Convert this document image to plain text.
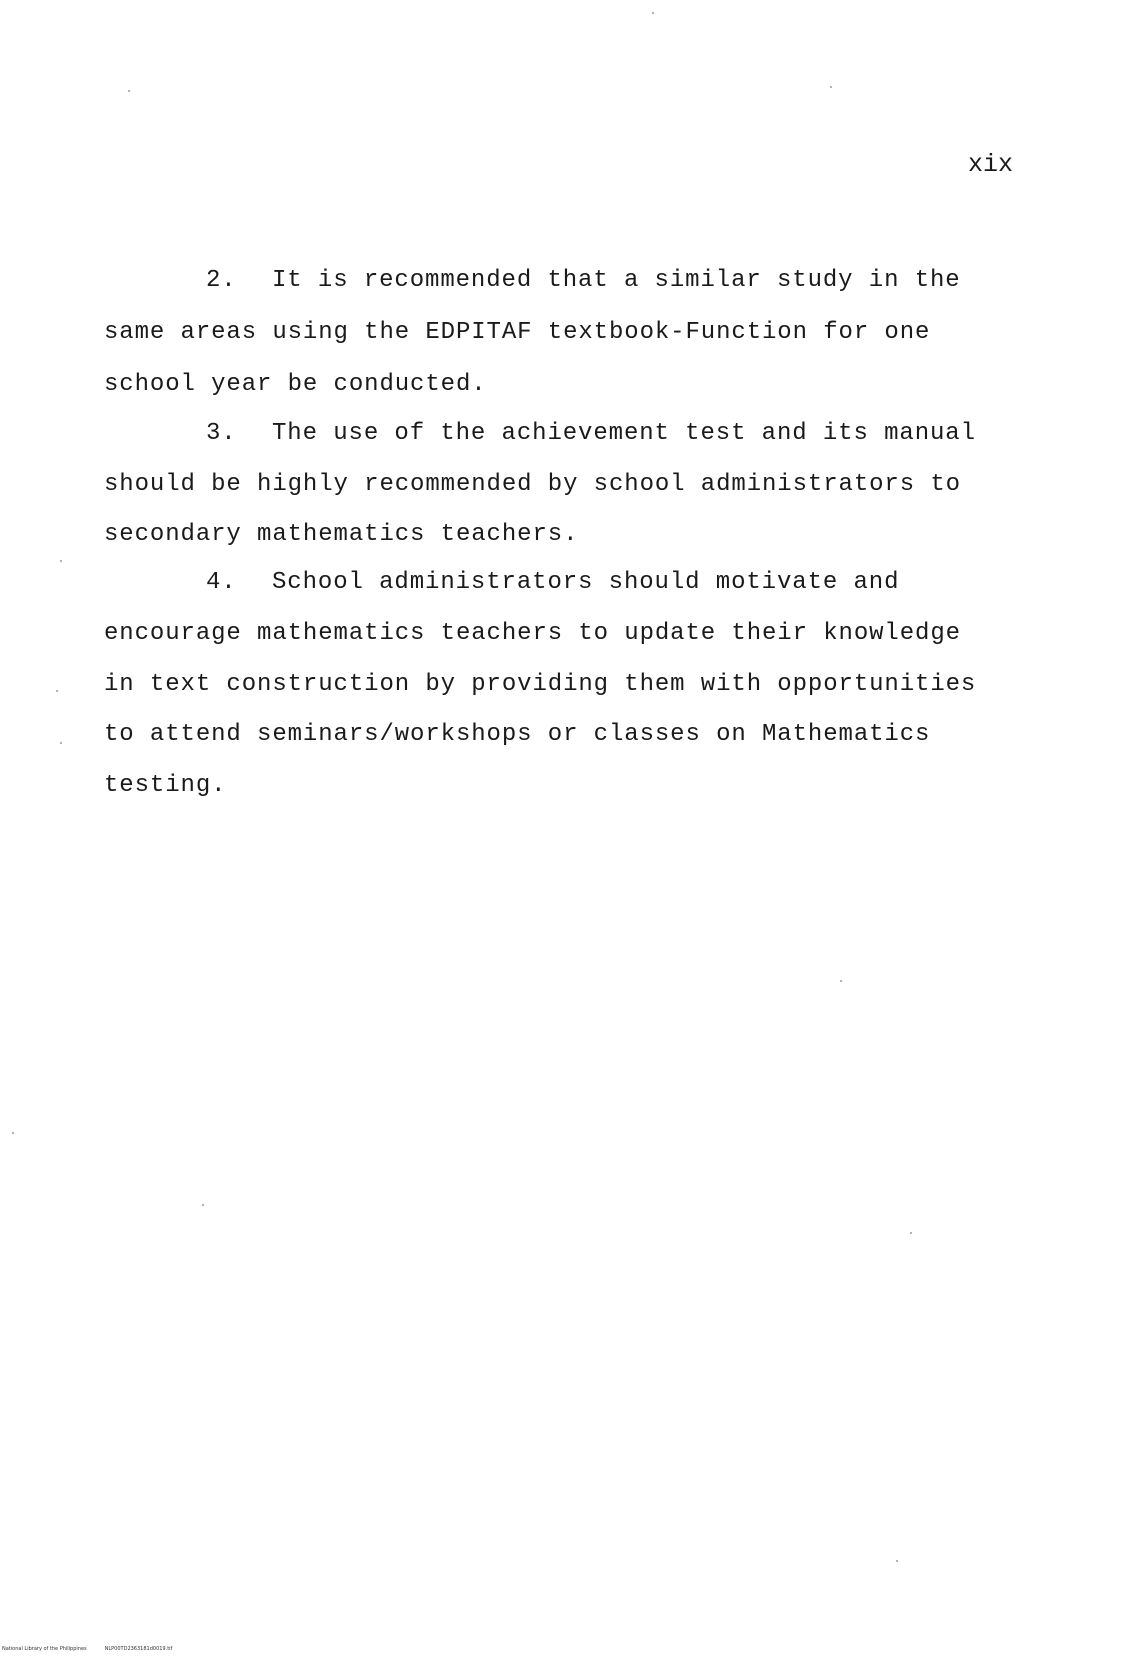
xix
2. It is recommended that a similar study in the
same areas using the EDPITAF textbook-Function for one
school year be conducted.
3. The use of the achievement test and its manual
should be highly recommended by school administrators to
secondary mathematics teachers.
4. School administrators should motivate and
encourage mathematics teachers to update their knowledge
in text construction by providing them with opportunities
to attend seminars/workshops or classes on Mathematics
testing.
National Library of the Philippines	NLP00TD2363181d0019.tif
